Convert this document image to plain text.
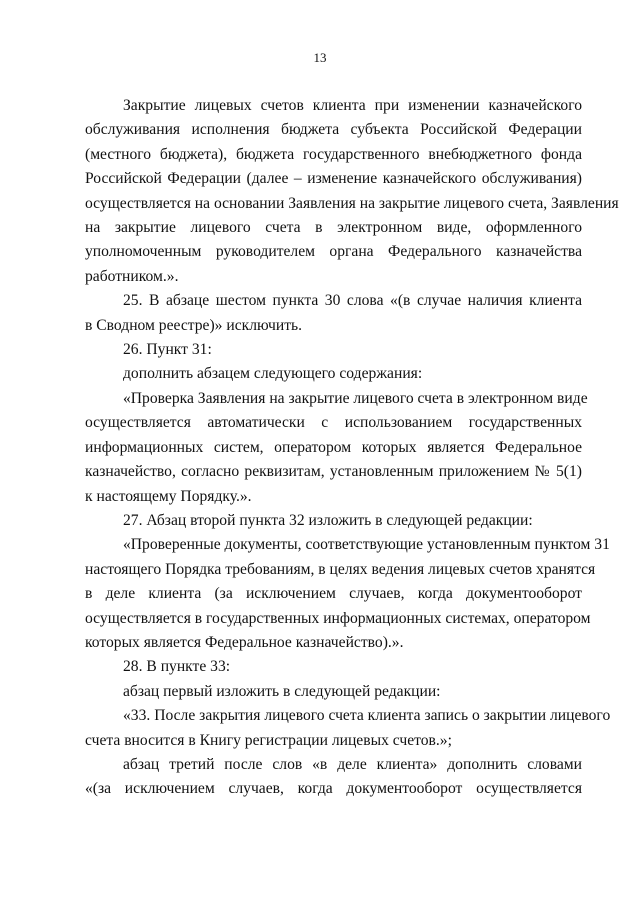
13

Закрытие лицевых счетов клиента при изменении казначейского
обслуживания исполнения бюджета субъекта Российской Федерации
(местного бюджета), бюджета государственного внебюджетного фонда
Российской Федерации (далее – изменение казначейского обслуживания)
осуществляется на основании Заявления на закрытие лицевого счета, Заявления
на закрытие лицевого счета в электронном виде, оформленного
уполномоченным руководителем органа Федерального казначейства
работником.».

25. В абзаце шестом пункта 30 слова «(в случае наличия клиента
в Сводном реестре)» исключить.

26. Пункт 31:

дополнить абзацем следующего содержания:

«Проверка Заявления на закрытие лицевого счета в электронном виде
осуществляется автоматически с использованием государственных
информационных систем, оператором которых является Федеральное
казначейство, согласно реквизитам, установленным приложением № 5(1)
к настоящему Порядку.».

27. Абзац второй пункта 32 изложить в следующей редакции:

«Проверенные документы, соответствующие установленным пунктом 31
настоящего Порядка требованиям, в целях ведения лицевых счетов хранятся
в деле клиента (за исключением случаев, когда документооборот
осуществляется в государственных информационных системах, оператором
которых является Федеральное казначейство).».

28. В пункте 33:

абзац первый изложить в следующей редакции:

«33. После закрытия лицевого счета клиента запись о закрытии лицевого
счета вносится в Книгу регистрации лицевых счетов.»;

абзац третий после слов «в деле клиента» дополнить словами
«(за исключением случаев, когда документооборот осуществляется
